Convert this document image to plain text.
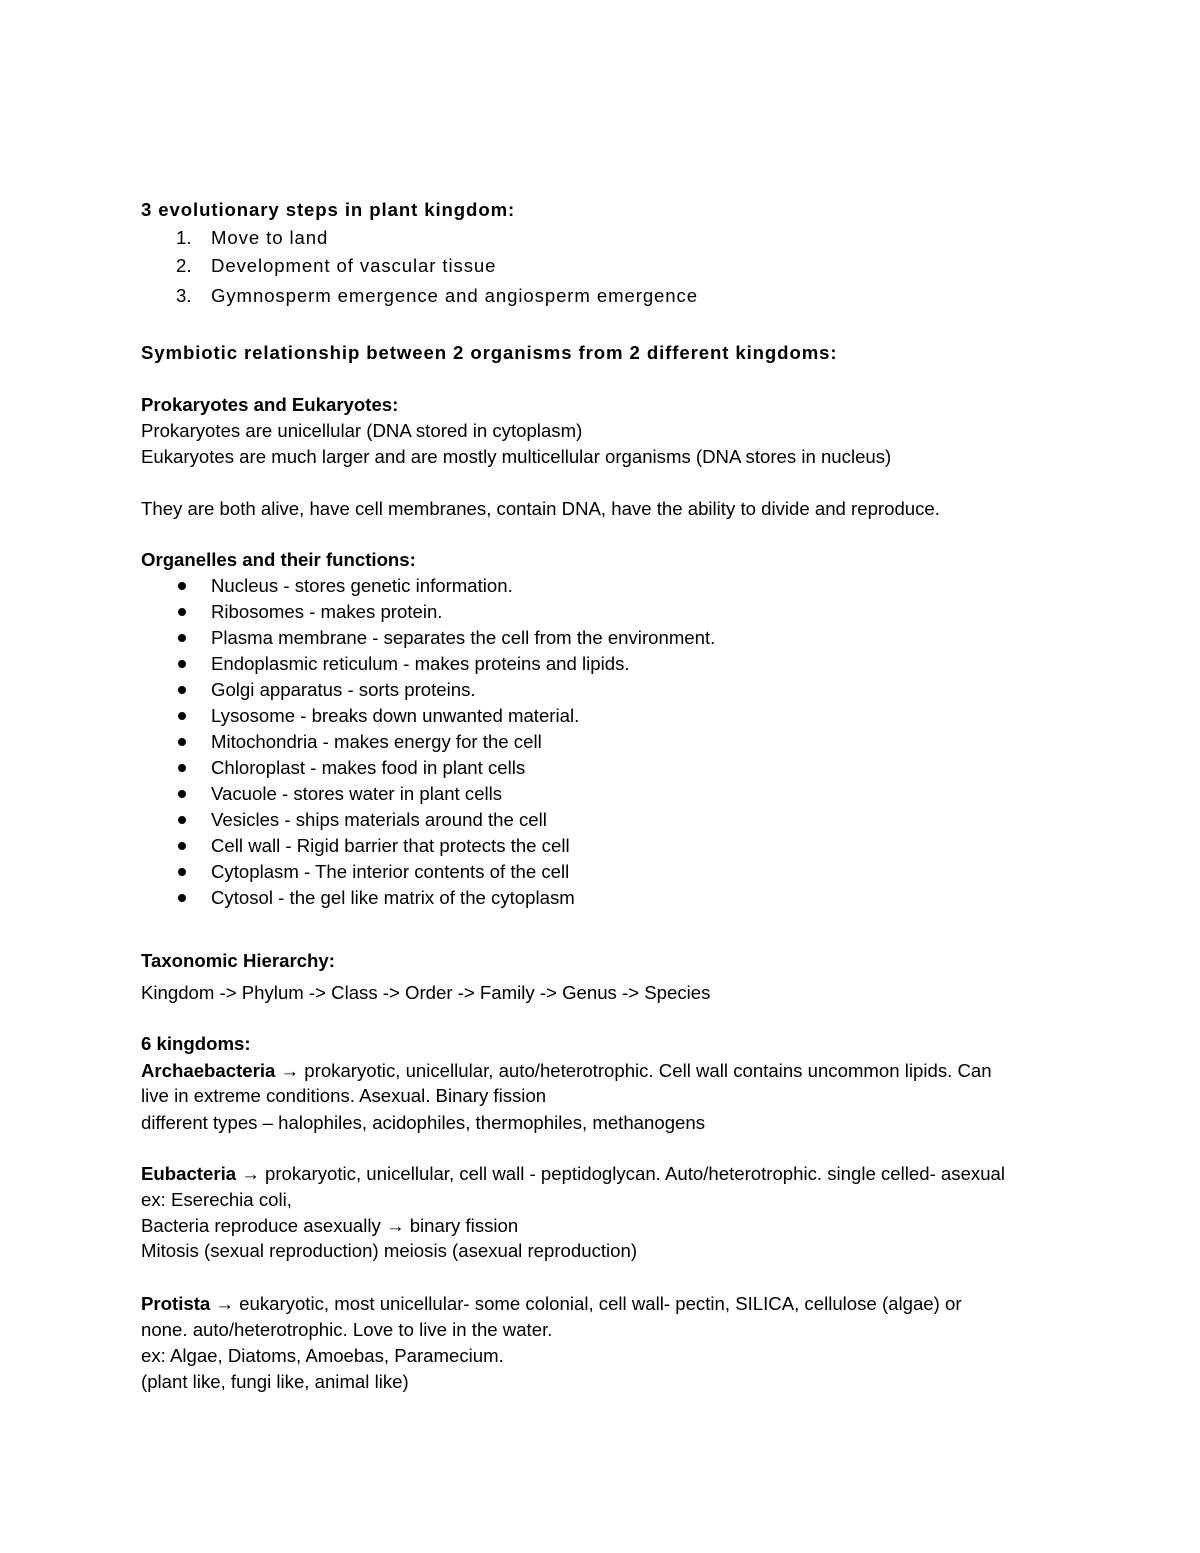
3 evolutionary steps in plant kingdom:
1. Move to land
2. Development of vascular tissue
3. Gymnosperm emergence and angiosperm emergence
Symbiotic relationship between 2 organisms from 2 different kingdoms:
Prokaryotes and Eukaryotes:
Prokaryotes are unicellular (DNA stored in cytoplasm)
Eukaryotes are much larger and are mostly multicellular organisms (DNA stores in nucleus)
They are both alive, have cell membranes, contain DNA, have the ability to divide and reproduce.
Organelles and their functions:
Nucleus - stores genetic information.
Ribosomes - makes protein.
Plasma membrane - separates the cell from the environment.
Endoplasmic reticulum - makes proteins and lipids.
Golgi apparatus - sorts proteins.
Lysosome - breaks down unwanted material.
Mitochondria - makes energy for the cell
Chloroplast - makes food in plant cells
Vacuole - stores water in plant cells
Vesicles - ships materials around the cell
Cell wall - Rigid barrier that protects the cell
Cytoplasm - The interior contents of the cell
Cytosol - the gel like matrix of the cytoplasm
Taxonomic Hierarchy:
Kingdom -> Phylum -> Class -> Order -> Family -> Genus -> Species
6 kingdoms:
Archaebacteria → prokaryotic, unicellular, auto/heterotrophic. Cell wall contains uncommon lipids. Can
live in extreme conditions. Asexual. Binary fission
different types – halophiles, acidophiles, thermophiles, methanogens
Eubacteria → prokaryotic, unicellular, cell wall - peptidoglycan. Auto/heterotrophic. single celled- asexual
ex: Eserechia coli,
Bacteria reproduce asexually → binary fission
Mitosis (sexual reproduction) meiosis (asexual reproduction)
Protista → eukaryotic, most unicellular- some colonial, cell wall- pectin, SILICA, cellulose (algae) or
none. auto/heterotrophic. Love to live in the water.
ex: Algae, Diatoms, Amoebas, Paramecium.
(plant like, fungi like, animal like)
